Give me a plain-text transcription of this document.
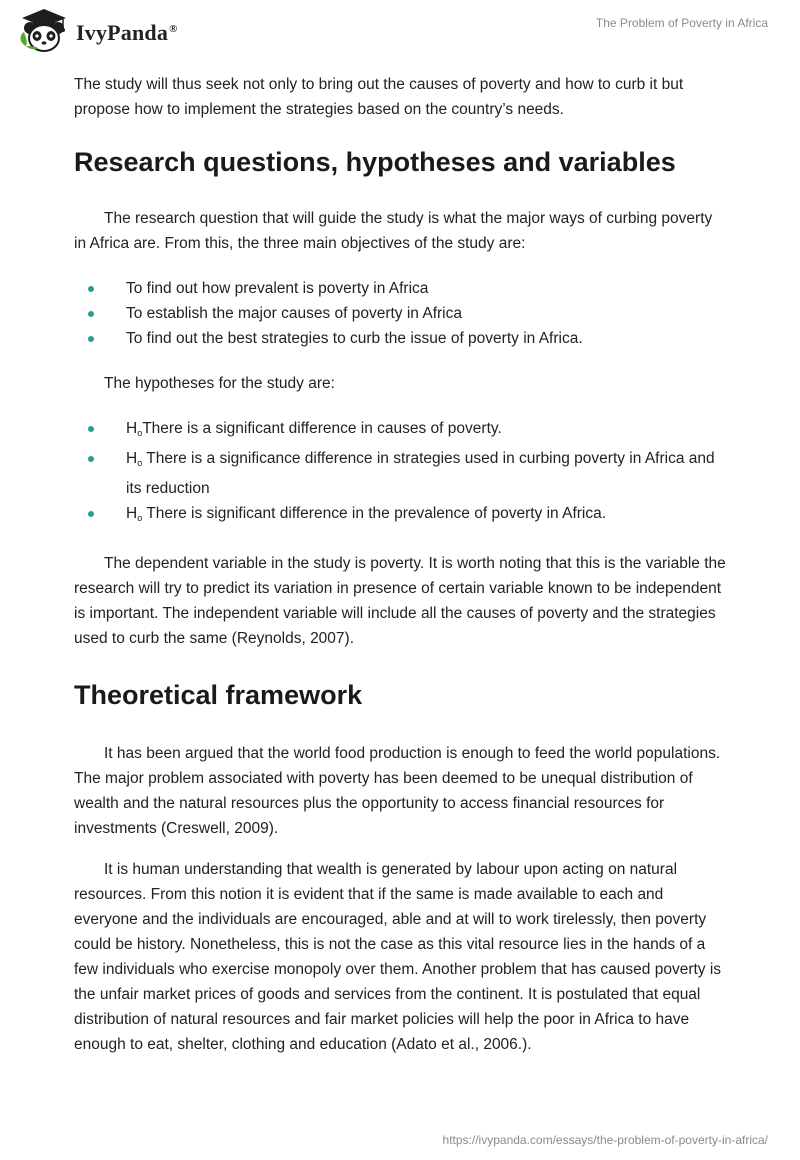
IvyPanda®	The Problem of Poverty in Africa

The study will thus seek not only to bring out the causes of poverty and how to curb it but propose how to implement the strategies based on the country’s needs.

Research questions, hypotheses and variables

The research question that will guide the study is what the major ways of curbing poverty in Africa are. From this, the three main objectives of the study are:

To find out how prevalent is poverty in Africa
To establish the major causes of poverty in Africa
To find out the best strategies to curb the issue of poverty in Africa.

The hypotheses for the study are:

$H_oThere$ is a significant difference in causes of poverty.
$H_o$ There is a significance difference in strategies used in curbing poverty in Africa and its reduction
$H_o$ There is significant difference in the prevalence of poverty in Africa.

The dependent variable in the study is poverty. It is worth noting that this is the variable the research will try to predict its variation in presence of certain variable known to be independent is important. The independent variable will include all the causes of poverty and the strategies used to curb the same (Reynolds, 2007).

Theoretical framework

It has been argued that the world food production is enough to feed the world populations. The major problem associated with poverty has been deemed to be unequal distribution of wealth and the natural resources plus the opportunity to access financial resources for investments (Creswell, 2009).

It is human understanding that wealth is generated by labour upon acting on natural resources. From this notion it is evident that if the same is made available to each and everyone and the individuals are encouraged, able and at will to work tirelessly, then poverty could be history. Nonetheless, this is not the case as this vital resource lies in the hands of a few individuals who exercise monopoly over them. Another problem that has caused poverty is the unfair market prices of goods and services from the continent. It is postulated that equal distribution of natural resources and fair market policies will help the poor in Africa to have enough to eat, shelter, clothing and education (Adato et al., 2006.).

https://ivypanda.com/essays/the-problem-of-poverty-in-africa/
